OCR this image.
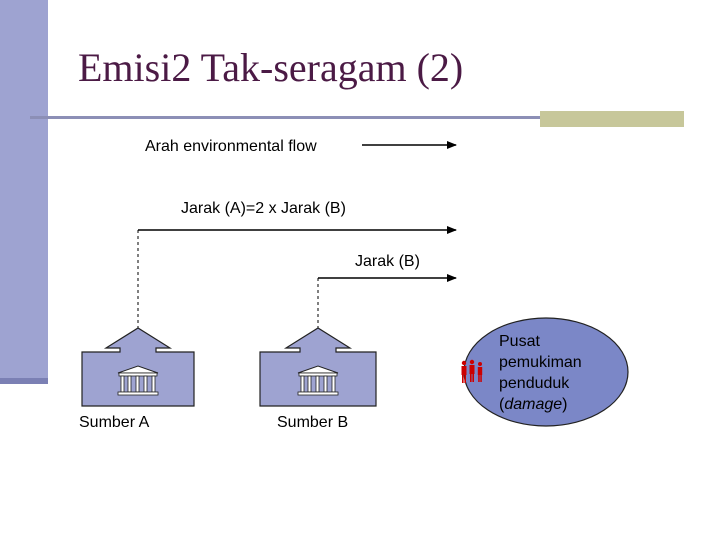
Emisi2 Tak-seragam (2)
Arah environmental flow
Jarak (A)=2 x Jarak (B)
Jarak (B)
Sumber A	Sumber B
Pusat
pemukiman
penduduk
(damage)
